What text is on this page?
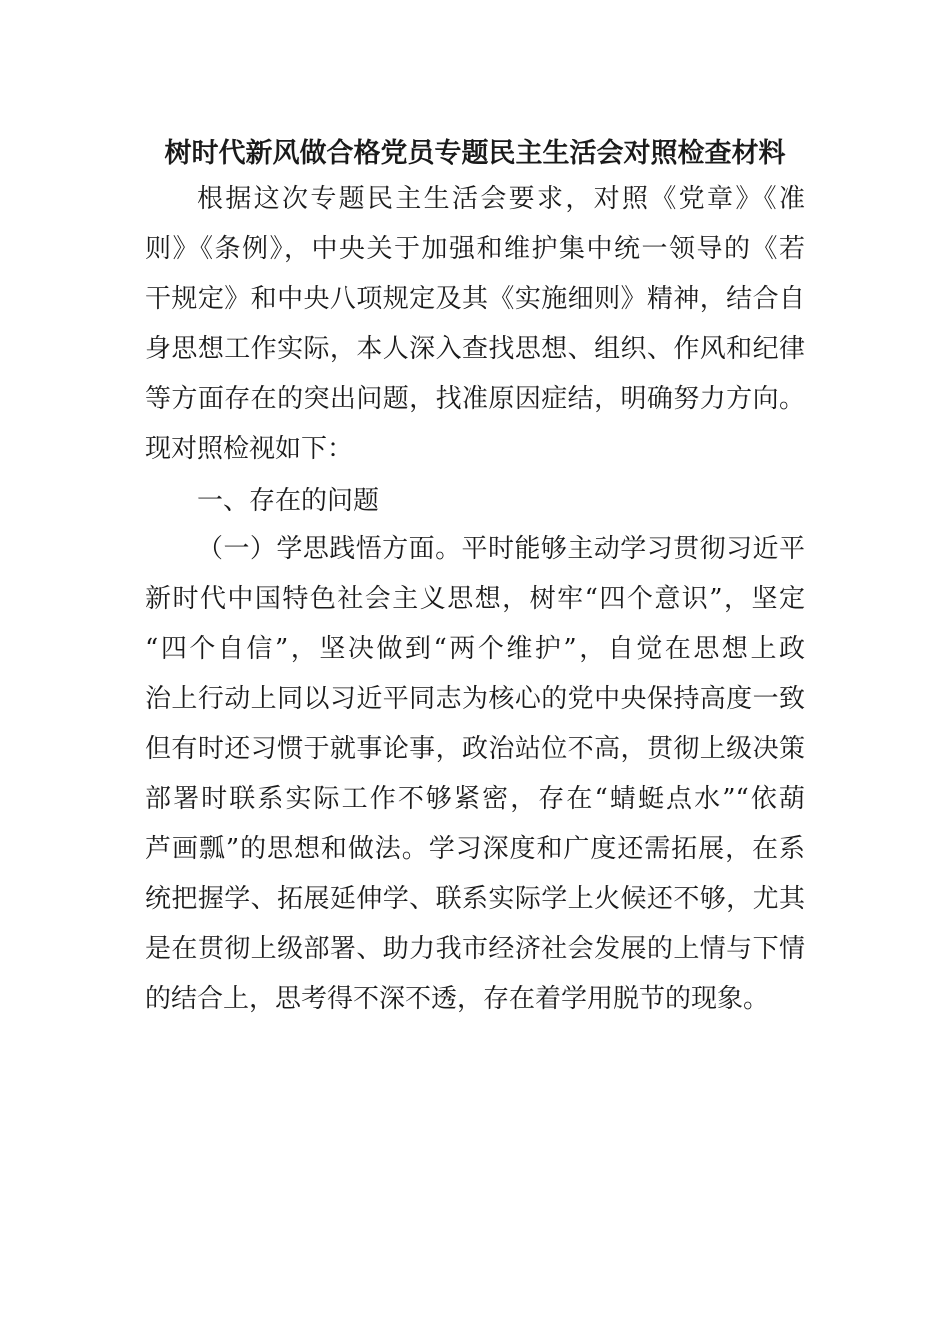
树时代新风做合格党员专题民主生活会对照检查材料
根据这次专题民主生活会要求，对照《党章》《准
则》《条例》，中央关于加强和维护集中统一领导的《若
干规定》和中央八项规定及其《实施细则》精神，结合自
身思想工作实际，本人深入查找思想、组织、作风和纪律
等方面存在的突出问题，找准原因症结，明确努力方向。
现对照检视如下：
一、存在的问题
（一）学思践悟方面。平时能够主动学习贯彻习近平
新时代中国特色社会主义思想，树牢“四个意识”，坚定
“四个自信”，坚决做到“两个维护”，自觉在思想上政
治上行动上同以习近平同志为核心的党中央保持高度一致
但有时还习惯于就事论事，政治站位不高，贯彻上级决策
部署时联系实际工作不够紧密，存在“蜻蜓点水”“依葫
芦画瓢”的思想和做法。学习深度和广度还需拓展，在系
统把握学、拓展延伸学、联系实际学上火候还不够，尤其
是在贯彻上级部署、助力我市经济社会发展的上情与下情
的结合上，思考得不深不透，存在着学用脱节的现象。
